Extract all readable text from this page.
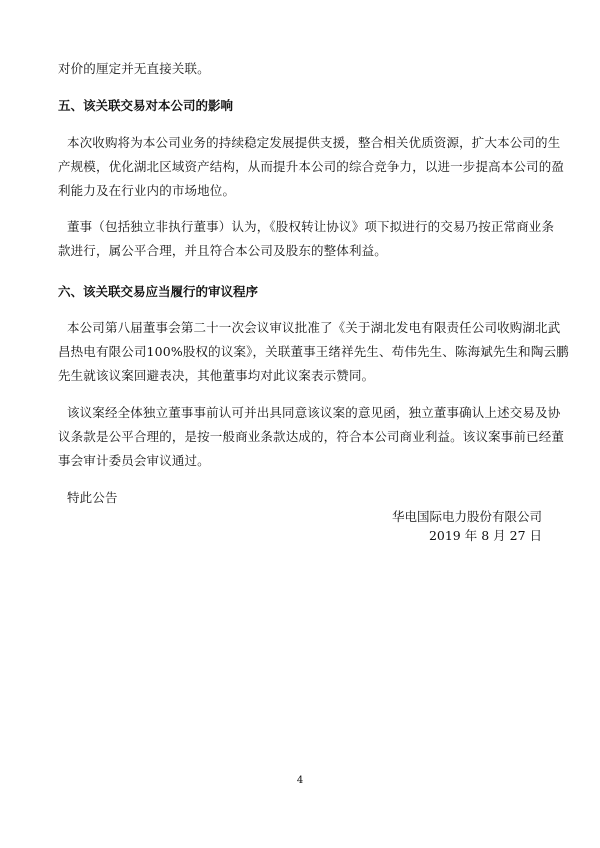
对价的厘定并无直接关联。
五、该关联交易对本公司的影响
本次收购将为本公司业务的持续稳定发展提供支援，整合相关优质资源，扩大本公司的生
产规模，优化湖北区域资产结构，从而提升本公司的综合竞争力，以进一步提高本公司的盈
利能力及在行业内的市场地位。
董事（包括独立非执行董事）认为，《股权转让协议》项下拟进行的交易乃按正常商业条
款进行，属公平合理，并且符合本公司及股东的整体利益。
六、该关联交易应当履行的审议程序
本公司第八届董事会第二十一次会议审议批准了《关于湖北发电有限责任公司收购湖北武
昌热电有限公司100%股权的议案》，关联董事王绪祥先生、苟伟先生、陈海斌先生和陶云鹏
先生就该议案回避表决，其他董事均对此议案表示赞同。
该议案经全体独立董事事前认可并出具同意该议案的意见函，独立董事确认上述交易及协
议条款是公平合理的，是按一般商业条款达成的，符合本公司商业利益。该议案事前已经董
事会审计委员会审议通过。
特此公告
华电国际电力股份有限公司
2019 年 8 月 27 日
4
